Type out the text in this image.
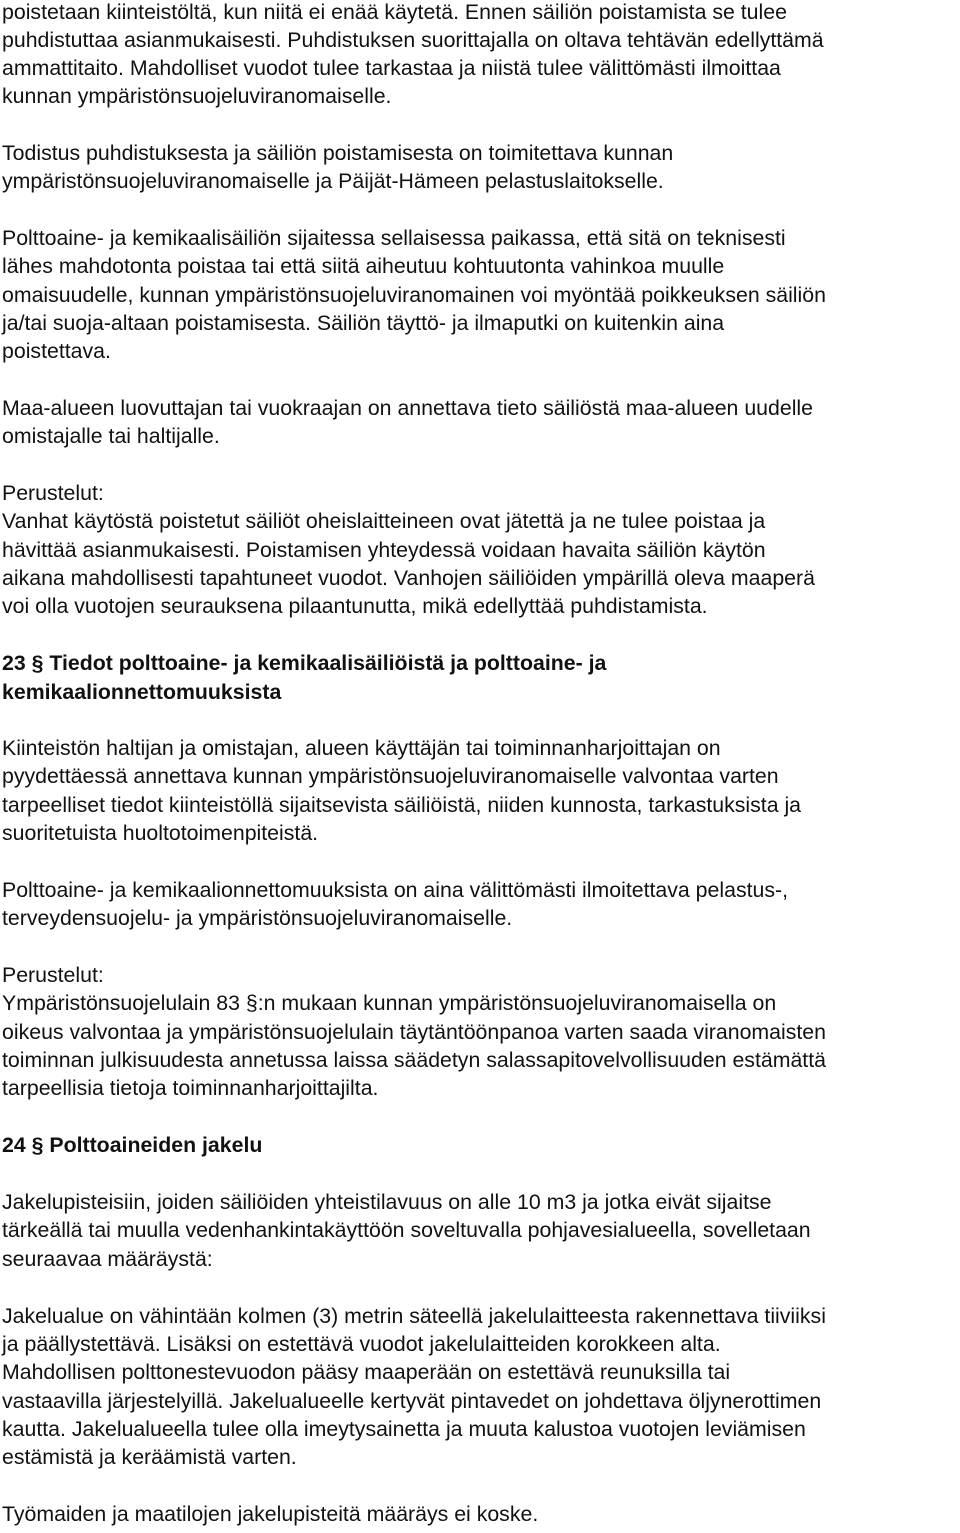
poistetaan kiinteistöltä, kun niitä ei enää käytetä. Ennen säiliön poistamista se tulee
puhdistuttaa asianmukaisesti. Puhdistuksen suorittajalla on oltava tehtävän edellyttämä
ammattitaito. Mahdolliset vuodot tulee tarkastaa ja niistä tulee välittömästi ilmoittaa
kunnan ympäristönsuojeluviranomaiselle.
Todistus puhdistuksesta ja säiliön poistamisesta on toimitettava kunnan
ympäristönsuojeluviranomaiselle ja Päijät-Hämeen pelastuslaitokselle.
Polttoaine- ja kemikaalisäiliön sijaitessa sellaisessa paikassa, että sitä on teknisesti
lähes mahdotonta poistaa tai että siitä aiheutuu kohtuutonta vahinkoa muulle
omaisuudelle, kunnan ympäristönsuojeluviranomainen voi myöntää poikkeuksen säiliön
ja/tai suoja-altaan poistamisesta. Säiliön täyttö- ja ilmaputki on kuitenkin aina
poistettava.
Maa-alueen luovuttajan tai vuokraajan on annettava tieto säiliöstä maa-alueen uudelle
omistajalle tai haltijalle.
Perustelut:
Vanhat käytöstä poistetut säiliöt oheislaitteineen ovat jätettä ja ne tulee poistaa ja
hävittää asianmukaisesti. Poistamisen yhteydessä voidaan havaita säiliön käytön
aikana mahdollisesti tapahtuneet vuodot. Vanhojen säiliöiden ympärillä oleva maaperä
voi olla vuotojen seurauksena pilaantunutta, mikä edellyttää puhdistamista.
23 § Tiedot polttoaine- ja kemikaalisäiliöistä ja polttoaine- ja
kemikaalionnettomuuksista
Kiinteistön haltijan ja omistajan, alueen käyttäjän tai toiminnanharjoittajan on
pyydettäessä annettava kunnan ympäristönsuojeluviranomaiselle valvontaa varten
tarpeelliset tiedot kiinteistöllä sijaitsevista säiliöistä, niiden kunnosta, tarkastuksista ja
suoritetuista huoltotoimenpiteistä.
Polttoaine- ja kemikaalionnettomuuksista on aina välittömästi ilmoitettava pelastus-,
terveydensuojelu- ja ympäristönsuojeluviranomaiselle.
Perustelut:
Ympäristönsuojelulain 83 §:n mukaan kunnan ympäristönsuojeluviranomaisella on
oikeus valvontaa ja ympäristönsuojelulain täytäntöönpanoa varten saada viranomaisten
toiminnan julkisuudesta annetussa laissa säädetyn salassapitovelvollisuuden estämättä
tarpeellisia tietoja toiminnanharjoittajilta.
24 § Polttoaineiden jakelu
Jakelupisteisiin, joiden säiliöiden yhteistilavuus on alle 10 m3 ja jotka eivät sijaitse
tärkeällä tai muulla vedenhankintakäyttöön soveltuvalla pohjavesialueella, sovelletaan
seuraavaa määräystä:
Jakelualue on vähintään kolmen (3) metrin säteellä jakelulaitteesta rakennettava tiiviiksi
ja päällystettävä. Lisäksi on estettävä vuodot jakelulaitteiden korokkeen alta.
Mahdollisen polttonestevuodon pääsy maaperään on estettävä reunuksilla tai
vastaavilla järjestelyillä. Jakelualueelle kertyvät pintavedet on johdettava öljynerottimen
kautta. Jakelualueella tulee olla imeytysainetta ja muuta kalustoa vuotojen leviämisen
estämistä ja keräämistä varten.
Työmaiden ja maatilojen jakelupisteitä määräys ei koske.
